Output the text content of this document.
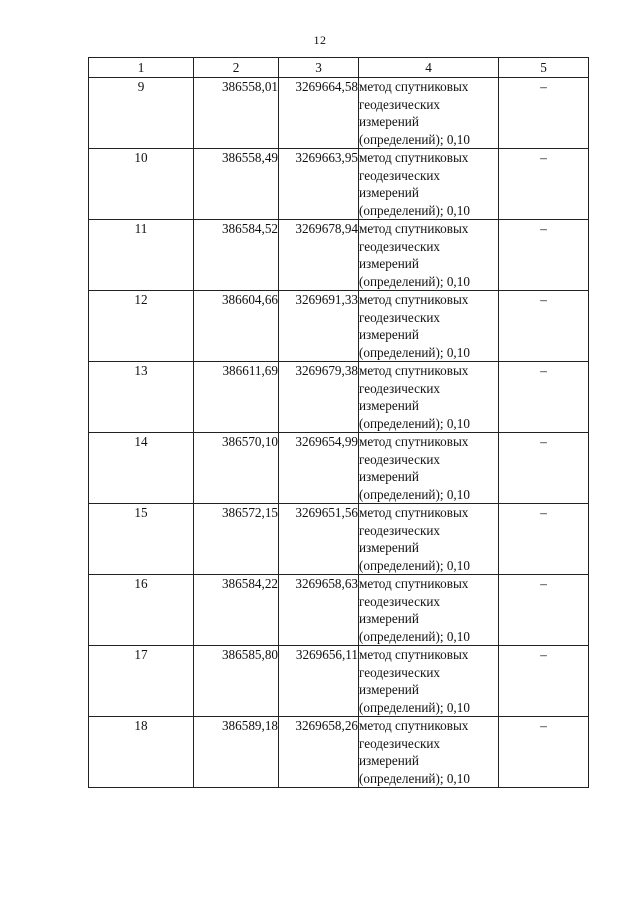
12
1	2	3	4	5
9	386558,01	3269664,58	метод спутниковых
геодезических
измерений
(определений); 0,10	–
10	386558,49	3269663,95	метод спутниковых
геодезических
измерений
(определений); 0,10	–
11	386584,52	3269678,94	метод спутниковых
геодезических
измерений
(определений); 0,10	–
12	386604,66	3269691,33	метод спутниковых
геодезических
измерений
(определений); 0,10	–
13	386611,69	3269679,38	метод спутниковых
геодезических
измерений
(определений); 0,10	–
14	386570,10	3269654,99	метод спутниковых
геодезических
измерений
(определений); 0,10	–
15	386572,15	3269651,56	метод спутниковых
геодезических
измерений
(определений); 0,10	–
16	386584,22	3269658,63	метод спутниковых
геодезических
измерений
(определений); 0,10	–
17	386585,80	3269656,11	метод спутниковых
геодезических
измерений
(определений); 0,10	–
18	386589,18	3269658,26	метод спутниковых
геодезических
измерений
(определений); 0,10	–
